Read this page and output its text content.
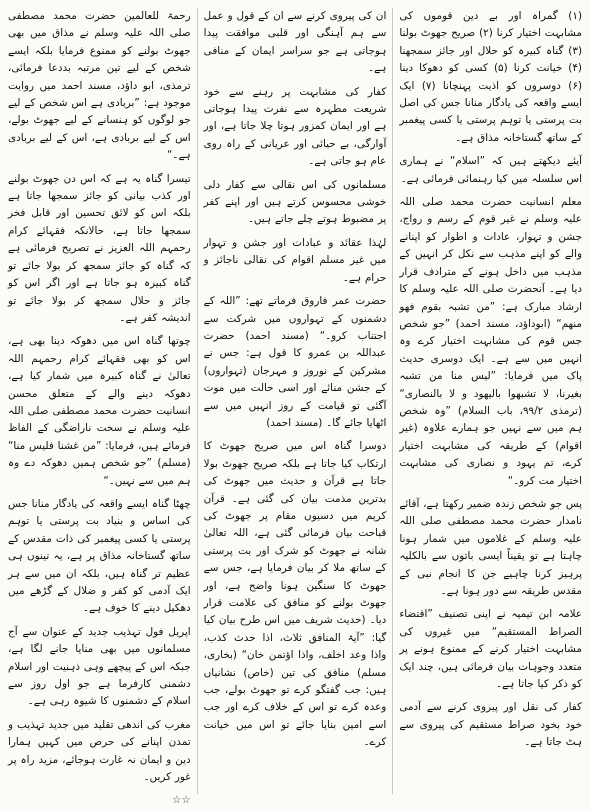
(۱) گمراہ اور بے دین قوموں کی مشابہت اختیار کرنا (۲) صریح جھوٹ بولنا (۳) گناہ کبیرہ کو حلال اور جائز سمجھنا (۴) خیانت کرنا (۵) کسی کو دھوکا دینا (۶) دوسروں کو اذیت پہنچانا (۷) ایک ایسے واقعہ کی یادگار منانا جس کی اصل بت پرستی یا توہم پرستی یا کسی پیغمبر کے ساتھ گستاخانہ مذاق ہے۔

آیئے دیکھتے ہیں کہ ”اسلام“ نے ہماری اس سلسلہ میں کیا رہنمائی فرمائی ہے۔

معلم انسانیت حضرت محمد صلی اللہ علیہ وسلم نے غیر قوم کے رسم و رواج، جشن و تہوار، عادات و اطوار کو اپنانے والے کو اپنے مذہب سے نکل کر انہیں کے مذہب میں داخل ہونے کے مترادف قرار دیا ہے۔ آنحضرت صلی اللہ علیہ وسلم کا ارشاد مبارک ہے: ”من تشبہ بقوم فھو منھم“ (ابوداؤد، مسند احمد) ”جو شخص جس قوم کی مشابہت اختیار کرے وہ انہیں میں سے ہے۔ ایک دوسری حدیث پاک میں فرمایا: ”لیس منا من تشبہ بغیرنا، لا تشبھوا بالیھود و لا بالنصاری“ (ترمذی ۹۹/۲، باب السلام) ”وہ شخص ہم میں سے نہیں جو ہمارے علاوہ (غیر اقوام) کے طریقہ کی مشابہت اختیار کرے، تم یہود و نصاری کی مشابہت اختیار مت کرو۔“

پس جو شخص زندہ ضمیر رکھتا ہے، آقائے نامدار حضرت محمد مصطفی صلی اللہ علیہ وسلم کے غلاموں میں شمار ہونا چاہتا ہے تو یقیناً ایسی باتوں سے بالکلیہ پرہیز کرنا چاہیے جن کا انجام نبی کے مقدس طریقہ سے دور ہونا ہے۔

علامہ ابن تیمیہ نے اپنی تصنیف ”اقتضاء الصراط المستقیم“ میں غیروں کی مشابہت اختیار کرنے کے ممنوع ہونے پر متعدد وجوہات بیان فرمائی ہیں، چند ایک کو ذکر کیا جاتا ہے۔

کفار کی نقل اور پیروی کرنے سے آدمی خود بخود صراط مستقیم کی پیروی سے ہٹ جاتا ہے۔

ان کی پیروی کرنے سے ان کے قول و عمل سے ہم آہنگی اور قلبی موافقت پیدا ہوجاتی ہے جو سراسر ایمان کے منافی ہے۔

کفار کی مشابہت پر رہنے سے خود شریعت مطہرہ سے نفرت پیدا ہوجاتی ہے اور ایمان کمزور ہوتا چلا جاتا ہے، اور آوارگی، بے حیائی اور عریانی کے راہ روی عام ہو جاتی ہے۔

مسلمانوں کی اس نقالی سے کفار دلی خوشی محسوس کرتے ہیں اور اپنے کفر پر مضبوط ہوتے چلے جاتے ہیں۔

لہٰذا عقائد و عبادات اور جشن و تہوار میں غیر مسلم اقوام کی نقالی ناجائز و حرام ہے۔

حضرت عمر فاروق فرماتے تھے: ”اللہ کے دشمنوں کے تہواروں میں شرکت سے اجتناب کرو۔“ (مسند احمد) حضرت عبداللہ بن عمرو کا قول ہے: جس نے مشرکین کے نوروز و مہرجان (تہواروں) کے جشن منائے اور اسی حالت میں موت آگئی تو قیامت کے روز انہیں میں سے اٹھایا جائے گا۔ (مسند احمد)

دوسرا گناہ اس میں صریح جھوٹ کا ارتکاب کیا جاتا ہے بلکہ صریح جھوٹ بولا جاتا ہے قرآن و حدیث میں جھوٹ کی بدترین مذمت بیان کی گئی ہے۔ قرآن کریم میں دسیوں مقام پر جھوٹ کی قباحت بیان فرمائی گئی ہے، اللہ تعالیٰ شانہ نے جھوٹ کو شرک اور بت پرستی کے ساتھ ملا کر بیان فرمایا ہے، جس سے جھوٹ کا سنگین ہونا واضح ہے، اور جھوٹ بولنے کو منافق کی علامت قرار دیا۔ (حدیث شریف میں اس طرح بیان کیا گیا: ”آیۃ المنافق ثلاث، اذا حدث کذب، واذا وعد اخلف، واذا اؤتمن خان“ (بخاری، مسلم) منافق کی تین (خاص) نشانیاں ہیں: جب گفتگو کرے تو جھوٹ بولے، جب وعدہ کرے تو اس کے خلاف کرے اور جب اسے امین بنایا جائے تو اس میں خیانت کرے۔

رحمۃ للعالمین حضرت محمد مصطفی صلی اللہ علیہ وسلم نے مذاق میں بھی جھوٹ بولنے کو ممنوع فرمایا بلکہ ایسے شخص کے لیے تین مرتبہ بددعا فرمائی، ترمذی، ابو داؤد، مسند احمد میں روایت موجود ہے: ”بربادی ہے اس شخص کے لیے جو لوگوں کو ہنسانے کے لیے جھوٹ بولے، اس کے لیے بربادی ہے، اس کے لیے بربادی ہے۔“

تیسرا گناہ یہ ہے کہ اس دن جھوٹ بولنے اور کذب بیانی کو جائز سمجھا جاتا ہے بلکہ اس کو لائق تحسین اور قابل فخر سمجھا جاتا ہے، حالانکہ فقہائے کرام رحمہم اللہ العزیز نے تصریح فرمائی ہے کہ گناہ کو جائز سمجھ کر بولا جائے تو گناہ کبیرہ ہو جاتا ہے اور اگر اس کو جائز و حلال سمجھ کر بولا جائے تو اندیشہ کفر ہے۔

چوتھا گناہ اس میں دھوکہ دینا بھی ہے، اس کو بھی فقہائے کرام رحمہم اللہ تعالیٰ نے گناہ کبیرہ میں شمار کیا ہے، دھوکہ دینے والے کے متعلق محسن انسانیت حضرت محمد مصطفی صلی اللہ علیہ وسلم نے سخت ناراضگی کے الفاظ فرمائے ہیں، فرمایا: ”من غشنا فلیس منا“ (مسلم) ”جو شخص ہمیں دھوکہ دے وہ ہم میں سے نہیں۔“

چھٹا گناہ ایسے واقعہ کی یادگار منانا جس کی اساس و بنیاد بت پرستی یا توہم پرستی یا کسی پیغمبر کی ذات مقدس کے ساتھ گستاخانہ مذاق پر ہے، یہ تینوں ہی عظیم تر گناہ ہیں، بلکہ ان میں سے ہر ایک آدمی کو کفر و ضلال کے گڑھے میں دھکیل دینے کا خوف ہے۔

اپریل فول تہذیب جدید کے عنوان سے آج مسلمانوں میں بھی منایا جانے لگا ہے، جبکہ اس کے پیچھے وہی ذہنیت اور اسلام دشمنی کارفرما ہے جو اول روز سے اسلام کے دشمنوں کا شیوہ رہی ہے۔

مغرب کی اندھی تقلید میں جدید تہذیب و تمدن اپنانے کی حرص میں کہیں ہمارا دین و ایمان نہ غارت ہوجائے، مزید راہ پر غور کریں۔

☆☆
